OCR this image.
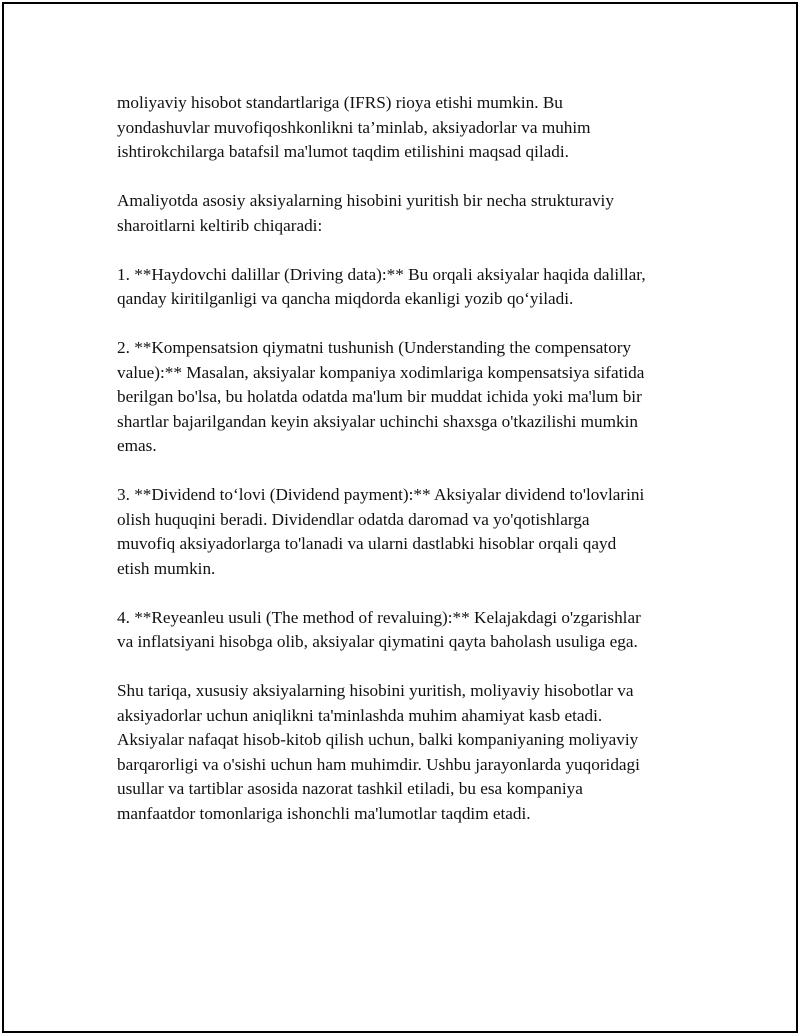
moliyaviy hisobot standartlariga (IFRS) rioya etishi mumkin. Bu
yondashuvlar muvofiqoshkonlikni ta’minlab, aksiyadorlar va muhim
ishtirokchilarga batafsil ma'lumot taqdim etilishini maqsad qiladi.

Amaliyotda asosiy aksiyalarning hisobini yuritish bir necha strukturaviy
sharoitlarni keltirib chiqaradi:

1. **Haydovchi dalillar (Driving data):** Bu orqali aksiyalar haqida dalillar,
qanday kiritilganligi va qancha miqdorda ekanligi yozib qo‘yiladi.

2. **Kompensatsion qiymatni tushunish (Understanding the compensatory
value):** Masalan, aksiyalar kompaniya xodimlariga kompensatsiya sifatida
berilgan bo'lsa, bu holatda odatda ma'lum bir muddat ichida yoki ma'lum bir
shartlar bajarilgandan keyin aksiyalar uchinchi shaxsga o'tkazilishi mumkin
emas.

3. **Dividend to‘lovi (Dividend payment):** Aksiyalar dividend to'lovlarini
olish huquqini beradi. Dividendlar odatda daromad va yo'qotishlarga
muvofiq aksiyadorlarga to'lanadi va ularni dastlabki hisoblar orqali qayd
etish mumkin.

4. **Reyeanleu usuli (The method of revaluing):** Kelajakdagi o'zgarishlar
va inflatsiyani hisobga olib, aksiyalar qiymatini qayta baholash usuliga ega.

Shu tariqa, xususiy aksiyalarning hisobini yuritish, moliyaviy hisobotlar va
aksiyadorlar uchun aniqlikni ta'minlashda muhim ahamiyat kasb etadi.
Aksiyalar nafaqat hisob-kitob qilish uchun, balki kompaniyaning moliyaviy
barqarorligi va o'sishi uchun ham muhimdir. Ushbu jarayonlarda yuqoridagi
usullar va tartiblar asosida nazorat tashkil etiladi, bu esa kompaniya
manfaatdor tomonlariga ishonchli ma'lumotlar taqdim etadi.
